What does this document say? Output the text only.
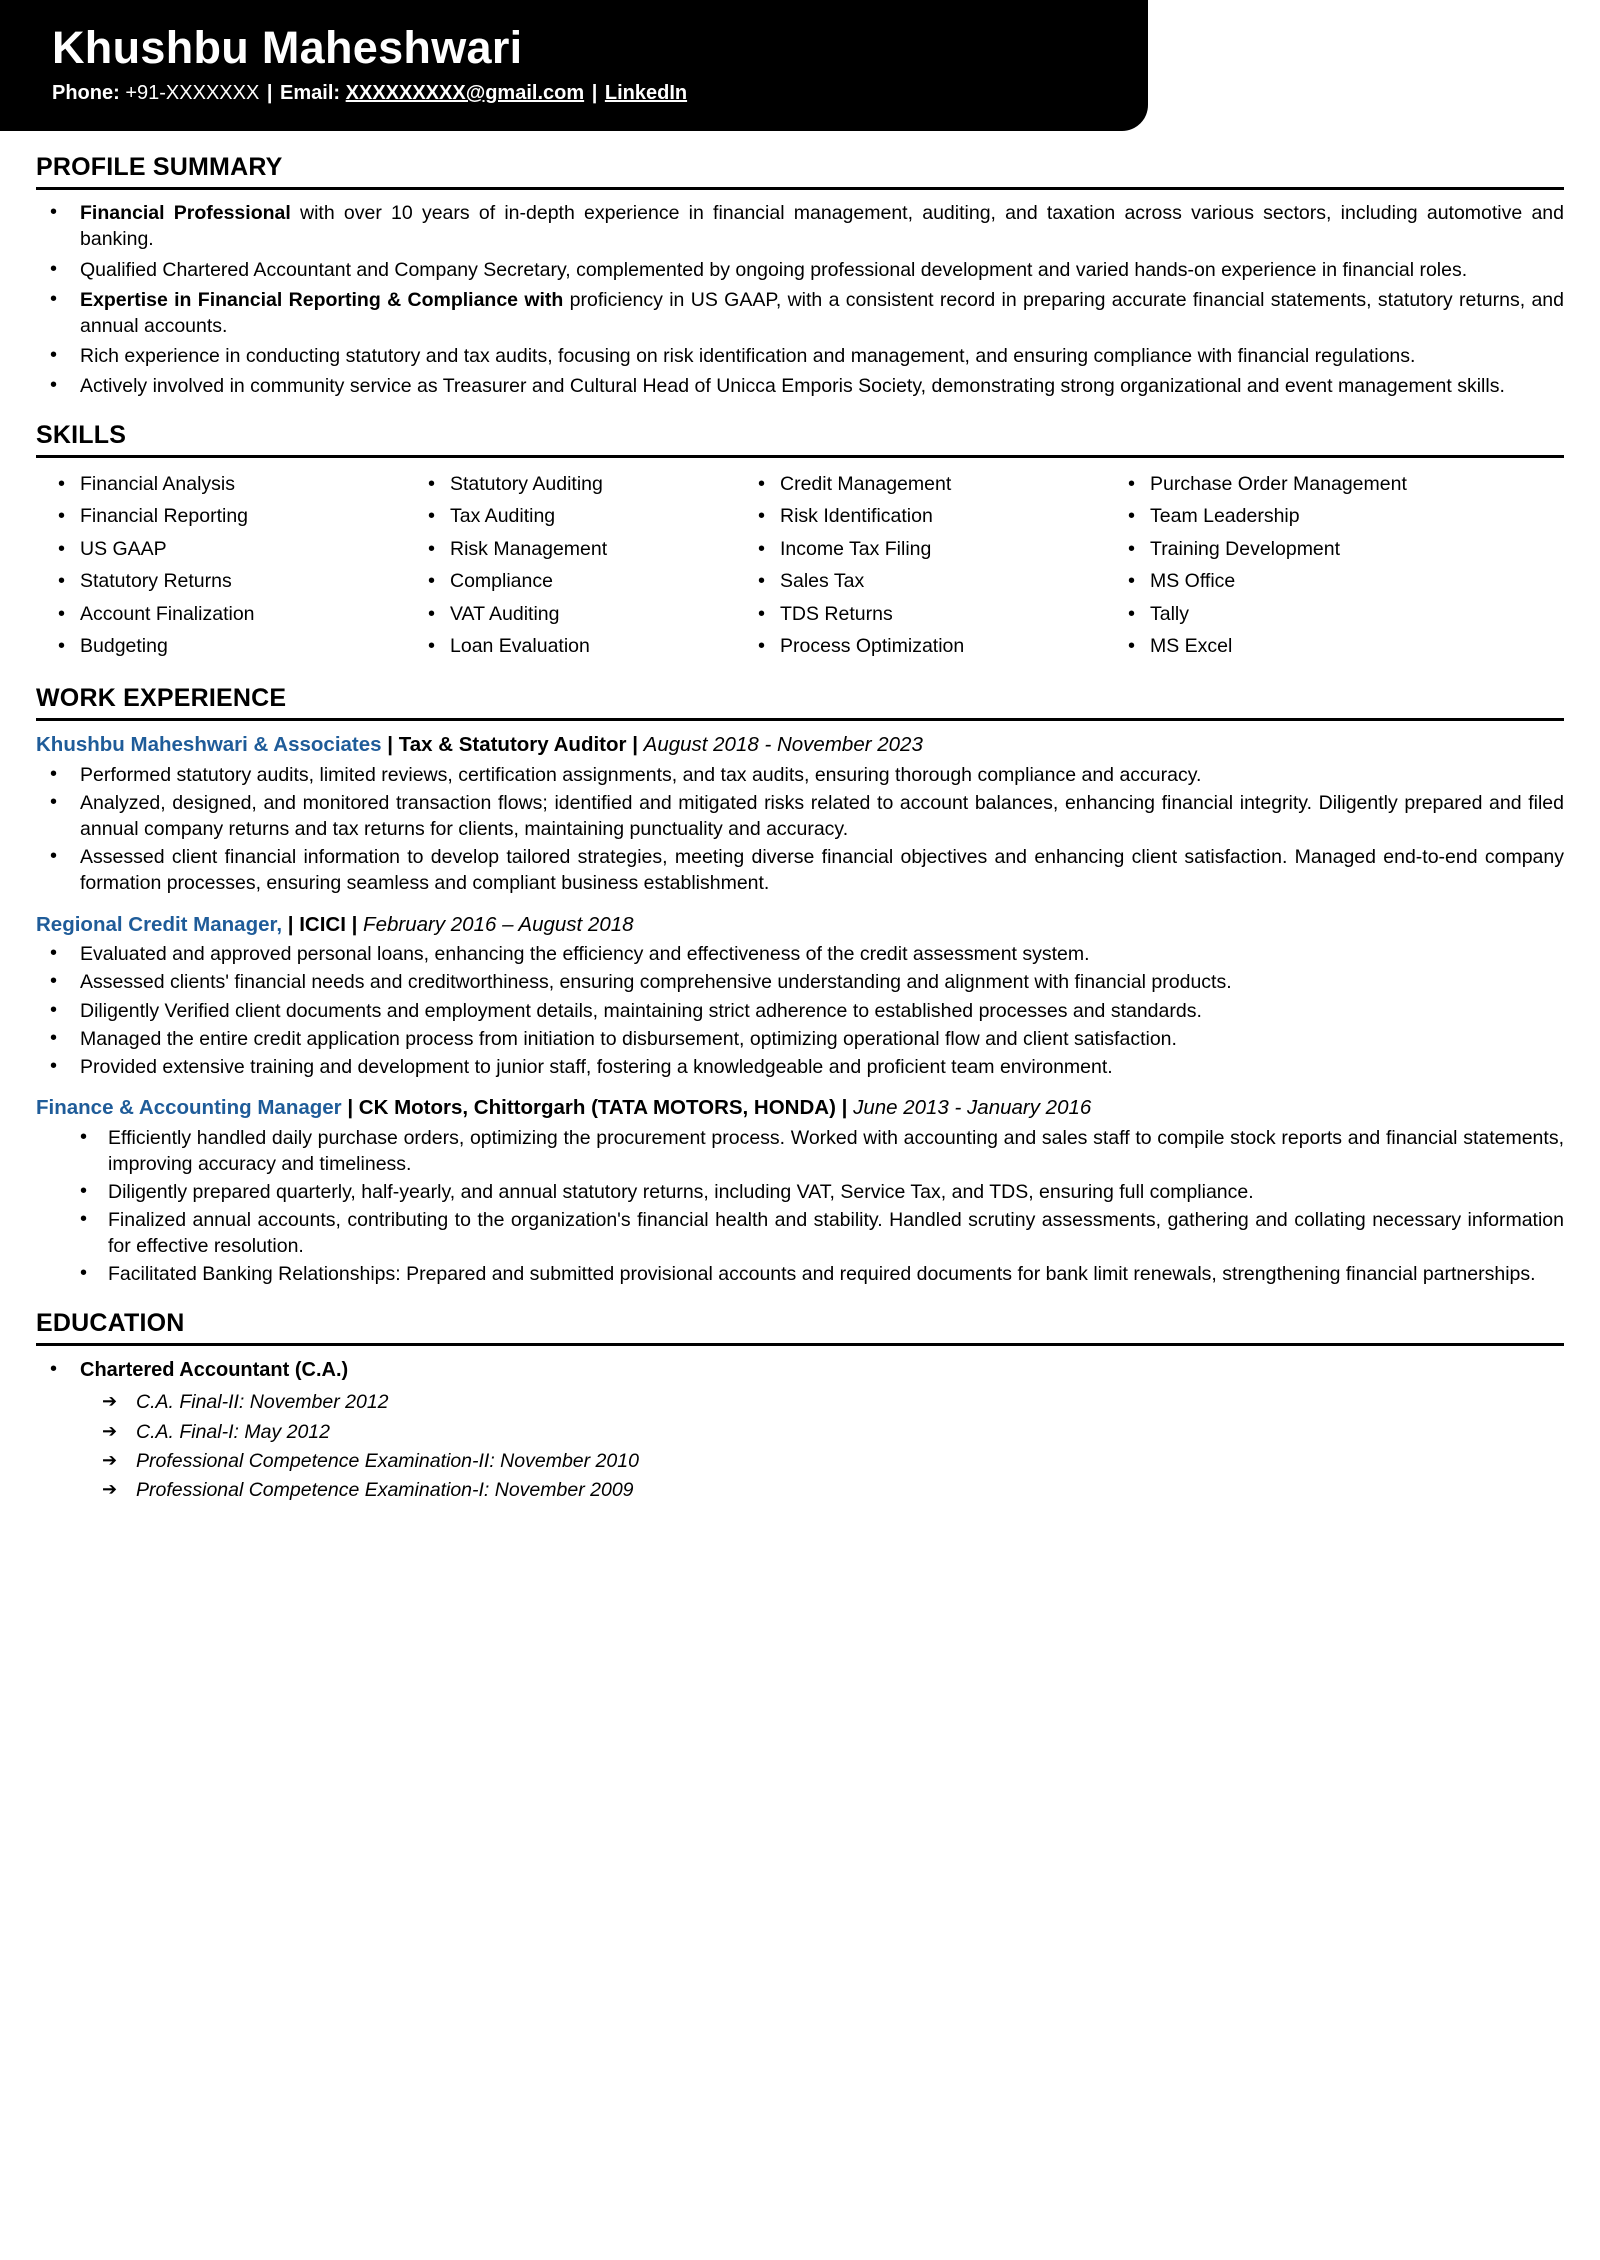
Khushbu Maheshwari
Phone: +91-XXXXXXX | Email: XXXXXXXXX@gmail.com | LinkedIn
PROFILE SUMMARY
• Financial Professional with over 10 years of in-depth experience in financial management, auditing, and taxation across various sectors, including automotive and banking.
• Qualified Chartered Accountant and Company Secretary, complemented by ongoing professional development and varied hands-on experience in financial roles.
• Expertise in Financial Reporting & Compliance with proficiency in US GAAP, with a consistent record in preparing accurate financial statements, statutory returns, and annual accounts.
• Rich experience in conducting statutory and tax audits, focusing on risk identification and management, and ensuring compliance with financial regulations.
• Actively involved in community service as Treasurer and Cultural Head of Unicca Emporis Society, demonstrating strong organizational and event management skills.
SKILLS
• Financial Analysis	• Statutory Auditing	• Credit Management	• Purchase Order Management
• Financial Reporting	• Tax Auditing	• Risk Identification	• Team Leadership
• US GAAP	• Risk Management	• Income Tax Filing	• Training Development
• Statutory Returns	• Compliance	• Sales Tax	• MS Office
• Account Finalization	• VAT Auditing	• TDS Returns	• Tally
• Budgeting	• Loan Evaluation	• Process Optimization	• MS Excel
WORK EXPERIENCE
Khushbu Maheshwari & Associates | Tax & Statutory Auditor | August 2018 - November 2023
• Performed statutory audits, limited reviews, certification assignments, and tax audits, ensuring thorough compliance and accuracy.
• Analyzed, designed, and monitored transaction flows; identified and mitigated risks related to account balances, enhancing financial integrity. Diligently prepared and filed annual company returns and tax returns for clients, maintaining punctuality and accuracy.
• Assessed client financial information to develop tailored strategies, meeting diverse financial objectives and enhancing client satisfaction. Managed end-to-end company formation processes, ensuring seamless and compliant business establishment.
Regional Credit Manager, | ICICI | February 2016 – August 2018
• Evaluated and approved personal loans, enhancing the efficiency and effectiveness of the credit assessment system.
• Assessed clients' financial needs and creditworthiness, ensuring comprehensive understanding and alignment with financial products.
• Diligently Verified client documents and employment details, maintaining strict adherence to established processes and standards.
• Managed the entire credit application process from initiation to disbursement, optimizing operational flow and client satisfaction.
• Provided extensive training and development to junior staff, fostering a knowledgeable and proficient team environment.
Finance & Accounting Manager | CK Motors, Chittorgarh (TATA MOTORS, HONDA) | June 2013 - January 2016
• Efficiently handled daily purchase orders, optimizing the procurement process. Worked with accounting and sales staff to compile stock reports and financial statements, improving accuracy and timeliness.
• Diligently prepared quarterly, half-yearly, and annual statutory returns, including VAT, Service Tax, and TDS, ensuring full compliance.
• Finalized annual accounts, contributing to the organization's financial health and stability. Handled scrutiny assessments, gathering and collating necessary information for effective resolution.
• Facilitated Banking Relationships: Prepared and submitted provisional accounts and required documents for bank limit renewals, strengthening financial partnerships.
EDUCATION
• Chartered Accountant (C.A.)
➔ C.A. Final-II: November 2012
➔ C.A. Final-I: May 2012
➔ Professional Competence Examination-II: November 2010
➔ Professional Competence Examination-I: November 2009
